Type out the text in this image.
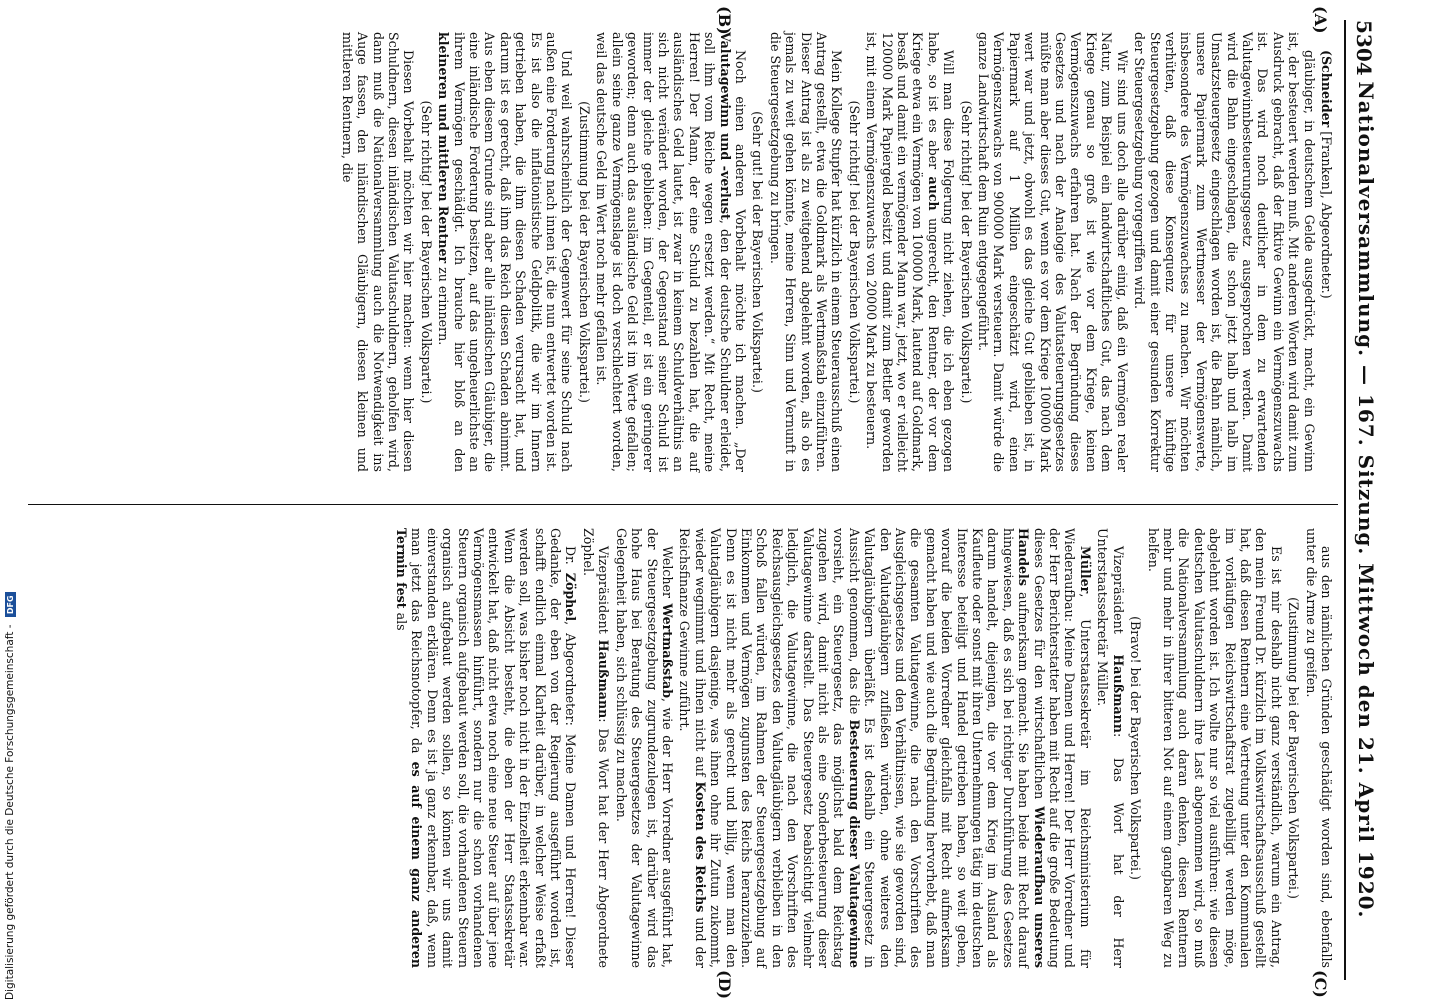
5304
Nationalversammlung. — 167. Sitzung. Mittwoch den 21. April 1920.
(A)
(B)
(C)
(D)

(Schneider [Franken], Abgeordneter.)

gläubiger, in deutschem Gelde ausgedrückt, macht, ein Gewinn ist, der besteuert werden muß. Mit anderen Worten wird damit zum Ausdruck gebracht, daß der fiktive Gewinn ein Vermögenszuwachs ist. Das wird noch deutlicher in dem zu erwartenden Valutagewinnbesteuerungsgesetz ausgesprochen werden. Damit wird die Bahn eingeschlagen, die schon jetzt halb und halb im Umsatzsteuergesetz eingeschlagen worden ist, die Bahn nämlich, unsere Papiermark zum Wertmesser der Vermögenswerte, insbesondere des Vermögenszuwachses zu machen. Wir möchten verhüten, daß diese Konsequenz für unsere künftige Steuergesetzgebung gezogen und damit einer gesunden Korrektur der Steuergesetzgebung vorgegriffen wird.

Wir sind uns doch alle darüber einig, daß ein Vermögen realer Natur, zum Beispiel ein landwirtschaftliches Gut, das nach dem Kriege genau so groß ist wie vor dem Kriege, keinen Vermögenszuwachs erfahren hat. Nach der Begründung dieses Gesetzes und nach der Analogie des Valutasteuerungsgesetzes müßte man aber dieses Gut, wenn es vor dem Kriege 100000 Mark wert war und jetzt, obwohl es das gleiche Gut geblieben ist, in Papiermark auf 1 Million eingeschätzt wird, einen Vermögenszuwachs von 900000 Mark versteuern. Damit würde die ganze Landwirtschaft dem Ruin entgegengeführt.

(Sehr richtig! bei der Bayerischen Volkspartei.)

Will man diese Folgerung nicht ziehen, die ich eben gezogen habe, so ist es aber auch ungerecht, den Rentner, der vor dem Kriege etwa ein Vermögen von 100000 Mark, lautend auf Goldmark, besaß und damit ein vermögender Mann war, jetzt, wo er vielleicht 120000 Mark Papiergeld besitzt und damit zum Bettler geworden ist, mit einem Vermögenszuwachs von 20000 Mark zu besteuern.

(Sehr richtig! bei der Bayerischen Volkspartei.)

Mein Kollege Stupfer hat kürzlich in einem Steuerausschuß einen Antrag gestellt, etwa die Goldmark als Wertmaßstab einzuführen. Dieser Antrag ist als zu weitgehend abgelehnt worden, als ob es jemals zu weit gehen könnte, meine Herren, Sinn und Vernunft in die Steuergesetzgebung zu bringen.

(Sehr gut! bei der Bayerischen Volkspartei.)

Noch einen anderen Vorbehalt möchte ich machen. „Der Valutagewinn und -verlust, den der deutsche Schuldner erleidet, soll ihm vom Reiche wegen ersetzt werden.“ Mit Recht, meine Herren! Der Mann, der eine Schuld zu bezahlen hat, die auf ausländisches Geld lautet, ist zwar in keinem Schuldverhältnis an sich nicht verändert worden, der Gegenstand seiner Schuld ist immer der gleiche geblieben: im Gegenteil, er ist ein geringerer geworden; denn auch das ausländische Geld ist im Werte gefallen; allein seine ganze Vermögenslage ist doch verschlechtert worden, weil das deutsche Geld im Wert noch mehr gefallen ist.

(Zustimmung bei der Bayerischen Volkspartei.)

Und weil wahrscheinlich der Gegenwert für seine Schuld nach außen eine Forderung nach innen ist, die nun entwertet worden ist. Es ist also die inflationistische Geldpolitik, die wir im Innern getrieben haben, die ihm diesen Schaden verursacht hat, und darum ist es gerecht, daß ihm das Reich diesen Schaden abnimmt. Aus eben diesem Grunde sind aber alle inländischen Gläubiger, die eine inländische Forderung besitzen, auf das ungeheuerlichste an ihrem Vermögen geschädigt. Ich brauche hier bloß an den kleineren und mittleren Rentner zu erinnern.

(Sehr richtig! bei der Bayerischen Volkspartei.)

Diesen Vorbehalt möchten wir hier machen: wenn hier diesen Schuldnern, diesen inländischen Valutaschuldnern, geholfen wird, dann muß die Nationalversammlung auch die Notwendigkeit ins Auge fassen, den inländischen Gläubigern, diesen kleinen und mittleren Rentnern, die

aus den nämlichen Gründen geschädigt worden sind, ebenfalls unter die Arme zu greifen.

(Zustimmung bei der Bayerischen Volkspartei.)

Es ist mir deshalb nicht ganz verständlich, warum ein Antrag, den mein Freund Dr. kürzlich im Volkswirtschaftsausschuß gestellt hat, daß diesen Rentnern eine Vertretung unter den Kommunalen im vorläufigen Reichswirtschaftsrat zugebilligt werden möge, abgelehnt worden ist. Ich wollte nur so viel ausführen: wie diesen deutschen Valutaschuldnern ihre Last abgenommen wird, so muß die Nationalversammlung auch daran denken, diesen Rentnern mehr und mehr in ihrer bitteren Not auf einem gangbaren Weg zu helfen.

(Bravo! bei der Bayerischen Volkspartei.)

Vizepräsident Haußmann: Das Wort hat der Herr Unterstaatssekretär Müller.

Müller, Unterstaatssekretär im Reichsministerium für Wiederaufbau: Meine Damen und Herren! Der Herr Vorredner und der Herr Berichterstatter haben mit Recht auf die große Bedeutung dieses Gesetzes für den wirtschaftlichen Wiederaufbau unseres Handels aufmerksam gemacht. Sie haben beide mit Recht darauf hingewiesen, daß es sich bei richtiger Durchführung des Gesetzes darum handelt, diejenigen, die vor dem Krieg im Ausland als Kaufleute oder sonst mit ihren Unternehmungen tätig im deutschen Interesse beteiligt und Handel getrieben haben, so weit geben, worauf die beiden Vorredner gleichfalls mit Recht aufmerksam gemacht haben und wie auch die Begründung hervorhebt, daß man die gesamten Valutagewinne, die nach den Vorschriften des Ausgleichsgesetzes und den Verhältnissen, wie sie geworden sind, den Valutagläubigern zufließen würden, ohne weiteres den Valutagläubigern überläßt. Es ist deshalb ein Steuergesetz in Aussicht genommen, das die Besteuerung dieser Valutagewinne vorsieht, ein Steuergesetz, das möglichst bald dem Reichstag zugehen wird, damit nicht als eine Sonderbesteuerung dieser Valutagewinne darstellt. Das Steuergesetz beabsichtigt vielmehr lediglich, die Valutagewinne, die nach den Vorschriften des Reichsausgleichsgesetzes den Valutagläubigern verbleiben in den Schoß fallen würden, im Rahmen der Steuergesetzgebung auf Einkommen und Vermögen zugunsten des Reichs heranzuziehen. Denn es ist nicht mehr als gerecht und billig, wenn man den Valutagläubigern dasjenige, was ihnen ohne ihr Zutun zukommt, wieder wegnimmt und ihnen nicht auf Kosten des Reichs und der Reichsfinanze Gewinne zuführt.

Welcher Wertmaßstab, wie der Herr Vorredner ausgeführt hat, der Steuergesetzgebung zugrundezulegen ist, darüber wird das hohe Haus bei Beratung des Steuergesetzes der Valutagewinne Gelegenheit haben, sich schlüssig zu machen.

Vizepräsident Haußmann: Das Wort hat der Herr Abgeordnete Zöphel.

Dr. Zöphel, Abgeordneter: Meine Damen und Herren! Dieser Gedanke, der eben von der Regierung ausgeführt worden ist, schafft endlich einmal Klarheit darüber, in welcher Weise erfaßt werden soll, was bisher noch nicht in der Einzelheit erkennbar war. Wenn die Absicht besteht, die eben der Herr Staatssekretär entwickelt hat, daß nicht etwa noch eine neue Steuer auf über jene Vermögensmassen hinführt, sondern nur die schon vorhandenen Steuern organisch aufgebaut werden soll, die vorhandenen Steuern organisch aufgebaut werden sollen, so können wir uns damit einverstanden erklären. Denn es ist ja ganz erkennbar, daß, wenn man jetzt das Reichsnotopfer, da es auf einem ganz anderen Termin fest als

Digitalisierung gefördert durch die Deutsche Forschungsgemeinschaft - DFG
